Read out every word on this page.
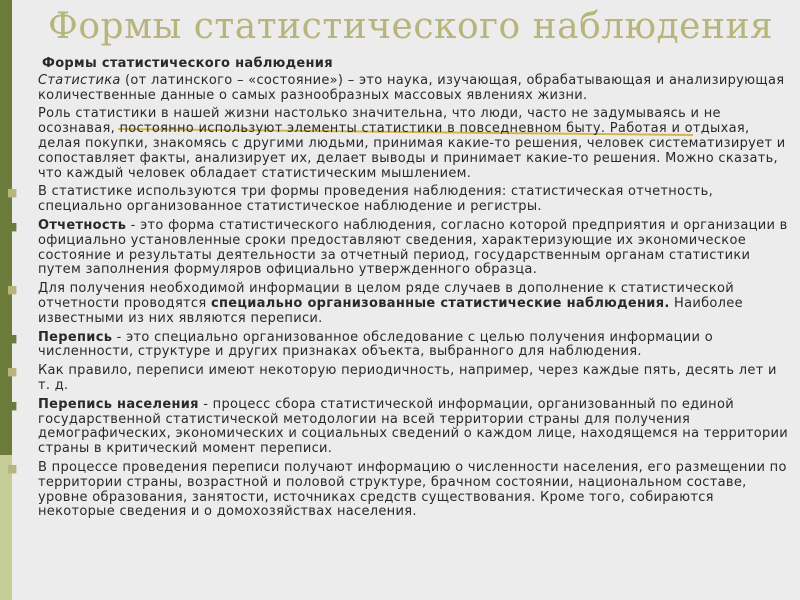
Формы статистического наблюдения

Формы статистического наблюдения

Статистика (от латинского – «состояние») – это наука, изучающая, обрабатывающая и анализирующая количественные данные о самых разнообразных массовых явлениях жизни.

Роль статистики в нашей жизни настолько значительна, что люди, часто не задумываясь и не осознавая, постоянно используют элементы статистики в повседневном быту. Работая и отдыхая, делая покупки, знакомясь с другими людьми, принимая какие-то решения, человек систематизирует и сопоставляет факты, анализирует их, делает выводы и принимает какие-то решения. Можно сказать, что каждый человек обладает статистическим мышлением.

■ В статистике используются три формы проведения наблюдения: статистическая отчетность, специально организованное статистическое наблюдение и регистры.

■ Отчетность - это форма статистического наблюдения, согласно которой предприятия и организации в официально установленные сроки предоставляют сведения, характеризующие их экономическое состояние и результаты деятельности за отчетный период, государственным органам статистики путем заполнения формуляров официально утвержденного образца.

■ Для получения необходимой информации в целом ряде случаев в дополнение к статистической отчетности проводятся специально организованные статистические наблюдения. Наиболее известными из них являются переписи.

■ Перепись - это специально организованное обследование с целью получения информации о численности, структуре и других признаках объекта, выбранного для наблюдения.

■ Как правило, переписи имеют некоторую периодичность, например, через каждые пять, десять лет и т. д.

■ Перепись населения - процесс сбора статистической информации, организованный по единой государственной статистической методологии на всей территории страны для получения демографических, экономических и социальных сведений о каждом лице, находящемся на территории страны в критический момент переписи.

■ В процессе проведения переписи получают информацию о численности населения, его размещении по территории страны, возрастной и половой структуре, брачном состоянии, национальном составе, уровне образования, занятости, источниках средств существования. Кроме того, собираются некоторые сведения и о домохозяйствах населения.
